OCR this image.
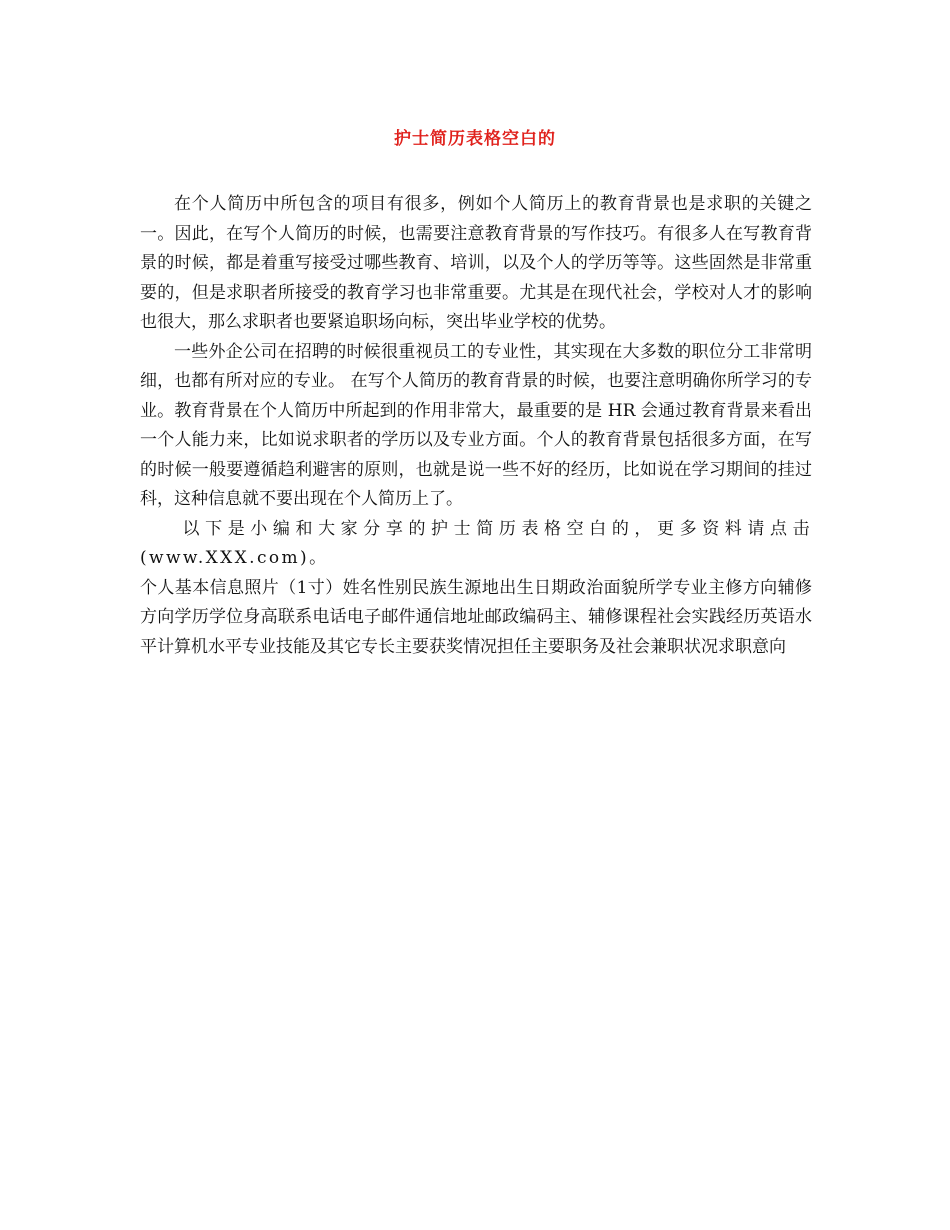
护士简历表格空白的

在个人简历中所包含的项目有很多，例如个人简历上的教育背景也是求职的关键之一。因此，在写个人简历的时候，也需要注意教育背景的写作技巧。有很多人在写教育背景的时候，都是着重写接受过哪些教育、培训，以及个人的学历等等。这些固然是非常重要的，但是求职者所接受的教育学习也非常重要。尤其是在现代社会，学校对人才的影响也很大，那么求职者也要紧追职场向标，突出毕业学校的优势。

一些外企公司在招聘的时候很重视员工的专业性，其实现在大多数的职位分工非常明细，也都有所对应的专业。 在写个人简历的教育背景的时候，也要注意明确你所学习的专业。教育背景在个人简历中所起到的作用非常大，最重要的是 HR 会通过教育背景来看出一个人能力来，比如说求职者的学历以及专业方面。个人的教育背景包括很多方面，在写的时候一般要遵循趋利避害的原则，也就是说一些不好的经历，比如说在学习期间的挂过科，这种信息就不要出现在个人简历上了。

以下是小编和大家分享的护士简历表格空白的，更多资料请点击(www.XXX.com)。

个人基本信息照片（1寸）姓名性别民族生源地出生日期政治面貌所学专业主修方向辅修方向学历学位身高联系电话电子邮件通信地址邮政编码主、辅修课程社会实践经历英语水平计算机水平专业技能及其它专长主要获奖情况担任主要职务及社会兼职状况求职意向
